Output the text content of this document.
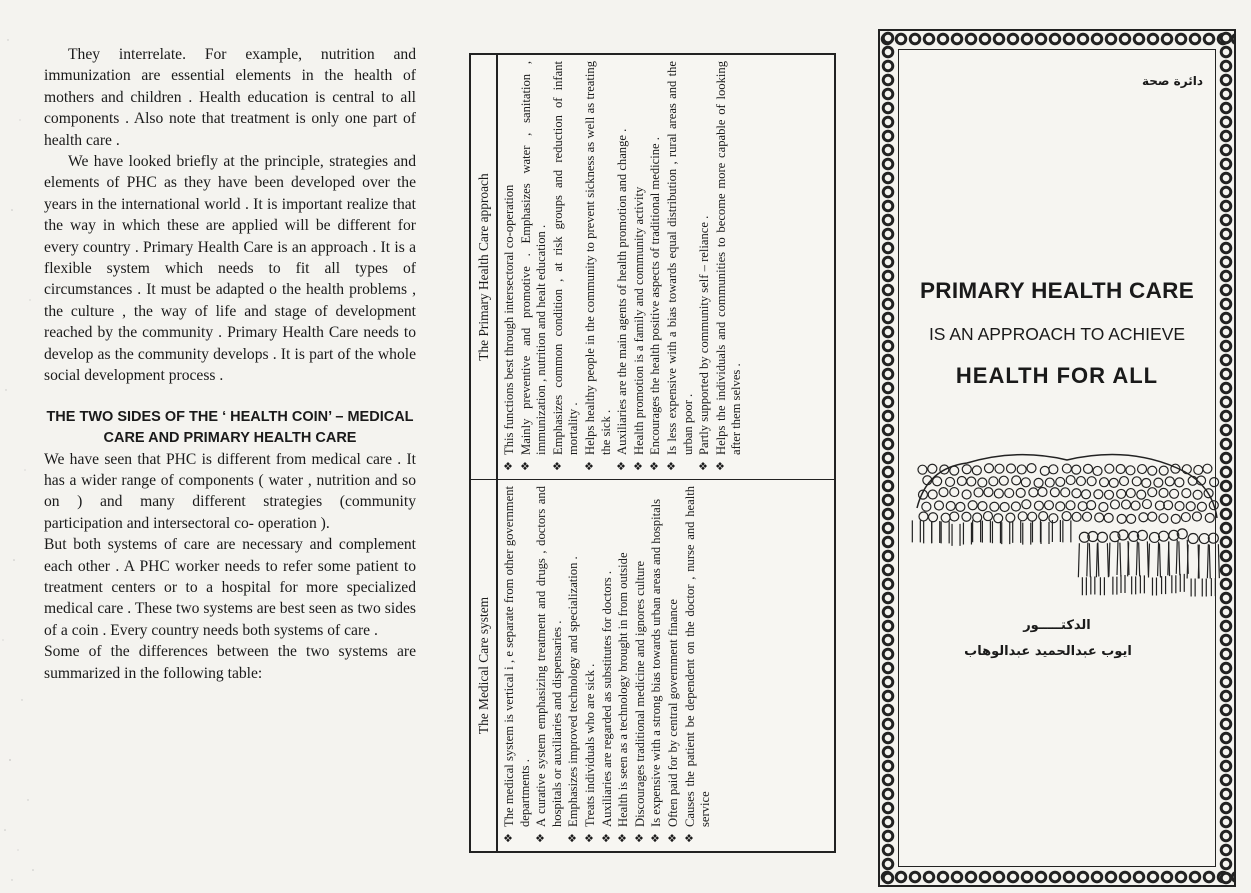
They interrelate. For example, nutrition and immunization are essential elements in the health of mothers and children . Health education is central to all components . Also note that treatment is only one part of health care .

We have looked briefly at the principle, strategies and elements of PHC as they have been developed over the years in the international world . It is important realize that the way in which these are applied will be different for every country . Primary Health Care is an approach . It is a flexible system which needs to fit all types of circumstances . It must be adapted o the health problems , the culture , the way of life and stage of development reached by the community . Primary Health Care needs to develop as the community develops . It is part of the whole social development process .

THE TWO SIDES OF THE ‘ HEALTH COIN’ – MEDICAL CARE AND PRIMARY HEALTH CARE

We have seen that PHC is different from medical care . It has a wider range of components ( water , nutrition and so on ) and many different strategies (community participation and intersectoral co- operation ).

But both systems of care are necessary and complement each other . A PHC worker needs to refer some patient to treatment centers or to a hospital for more specialized medical care . These two systems are best seen as two sides of a coin . Every country needs both systems of care .

Some of the differences between the two systems are summarized in the following table:	The Medical Care system
The Primary Health Care approach
❖ The medical system is vertical i , e separate from other government departments . ❖ A curative system emphasizing treatment and drugs , doctors and hospitals or auxiliaries and dispensaries . ❖ Emphasizes improved technology and specialization . ❖ Treats individuals who are sick . ❖ Auxiliaries are regarded as substitutes for doctors . ❖ Health is seen as a technology brought in from outside ❖ Discourages traditional medicine and ignores culture ❖ Is expensive with a strong bias towards urban areas and hospitals ❖ Often paid for by central government finance ❖ Causes the patient be dependent on the doctor , nurse and health service
❖ This functions best through intersectoral co-operation ❖ Mainly preventive and promotive . Emphasizes water , sanitation , immunization , nutrition and healt education . ❖ Emphasizes common condition , at risk groups and reduction of infant mortality . ❖ Helps healthy people in the community to prevent sickness as well as treating the sick . ❖ Auxiliaries are the main agents of health promotion and change . ❖ Health promotion is a family and community activity ❖ Encourages the health positive aspects of traditional medicine . ❖ Is less expensive with a bias towards equal distribution , rural areas and the urban poor . ❖ Partly supported by community self – reliance . ❖ Helps the individuals and communities to become more capable of looking after them selves .
دائرة صحة
PRIMARY HEALTH CARE
IS AN APPROACH TO ACHIEVE
HEALTH FOR ALL
الدكتـــــور
ايوب عبدالحميد عبدالوهاب
